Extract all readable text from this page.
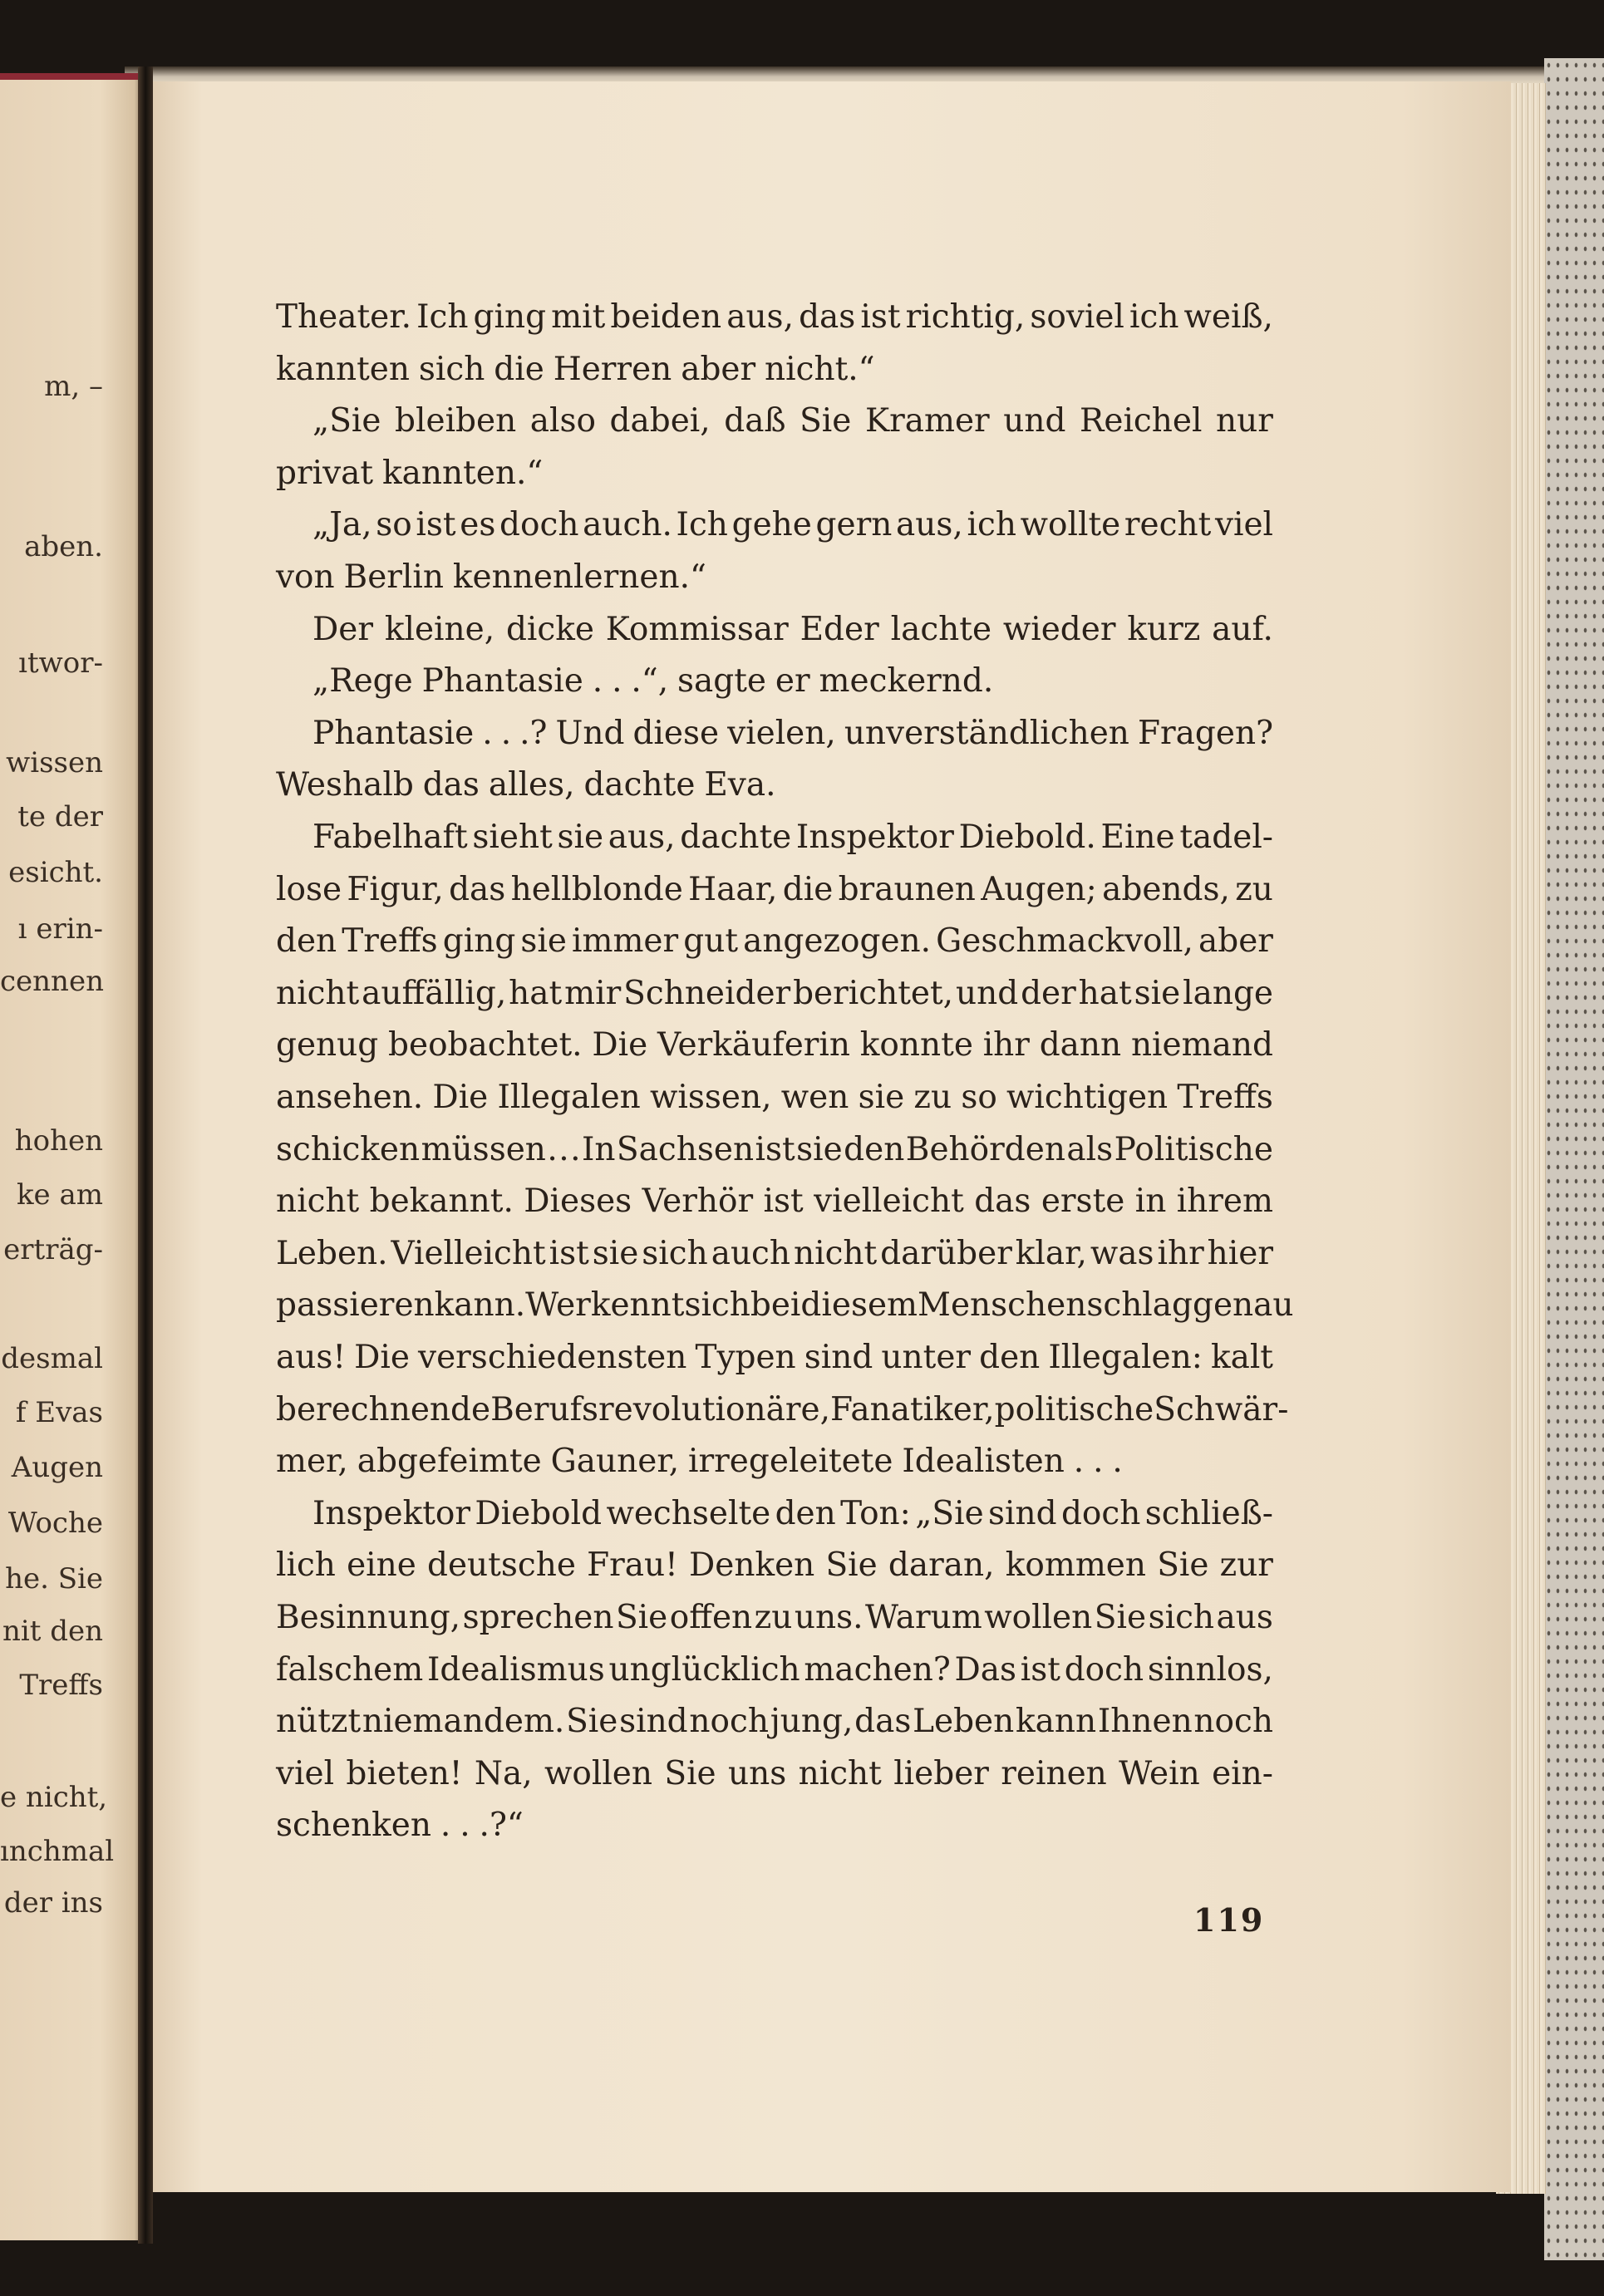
m, –
aben.
ıtwor-
wissen
te der
esicht.
ı erin-
cennen
hohen
ke am
erträg-
desmal
f Evas
Augen
Woche
he. Sie
nit den
Treffs
e nicht,
ınchmal
der ins
Theater. Ich ging mit beiden aus, das ist richtig, soviel ich weiß,
kannten sich die Herren aber nicht.“
„Sie bleiben also dabei, daß Sie Kramer und Reichel nur
privat kannten.“
„Ja, so ist es doch auch. Ich gehe gern aus, ich wollte recht viel
von Berlin kennenlernen.“
Der kleine, dicke Kommissar Eder lachte wieder kurz auf.
„Rege Phantasie . . .“, sagte er meckernd.
Phantasie . . .? Und diese vielen, unverständlichen Fragen?
Weshalb das alles, dachte Eva.
Fabelhaft sieht sie aus, dachte Inspektor Diebold. Eine tadel-
lose Figur, das hellblonde Haar, die braunen Augen; abends, zu
den Treffs ging sie immer gut angezogen. Geschmackvoll, aber
nicht auffällig, hat mir Schneider berichtet, und der hat sie lange
genug beobachtet. Die Verkäuferin konnte ihr dann niemand
ansehen. Die Illegalen wissen, wen sie zu so wichtigen Treffs
schicken müssen . . . In Sachsen ist sie den Behörden als Politische
nicht bekannt. Dieses Verhör ist vielleicht das erste in ihrem
Leben. Vielleicht ist sie sich auch nicht darüber klar, was ihr hier
passieren kann. Wer kennt sich bei diesem Menschenschlag genau
aus! Die verschiedensten Typen sind unter den Illegalen: kalt
berechnende Berufsrevolutionäre, Fanatiker, politische Schwär-
mer, abgefeimte Gauner, irregeleitete Idealisten . . .
Inspektor Diebold wechselte den Ton: „Sie sind doch schließ-
lich eine deutsche Frau! Denken Sie daran, kommen Sie zur
Besinnung, sprechen Sie offen zu uns. Warum wollen Sie sich aus
falschem Idealismus unglücklich machen? Das ist doch sinnlos,
nützt niemandem. Sie sind noch jung, das Leben kann Ihnen noch
viel bieten! Na, wollen Sie uns nicht lieber reinen Wein ein-
schenken . . .?“
119
